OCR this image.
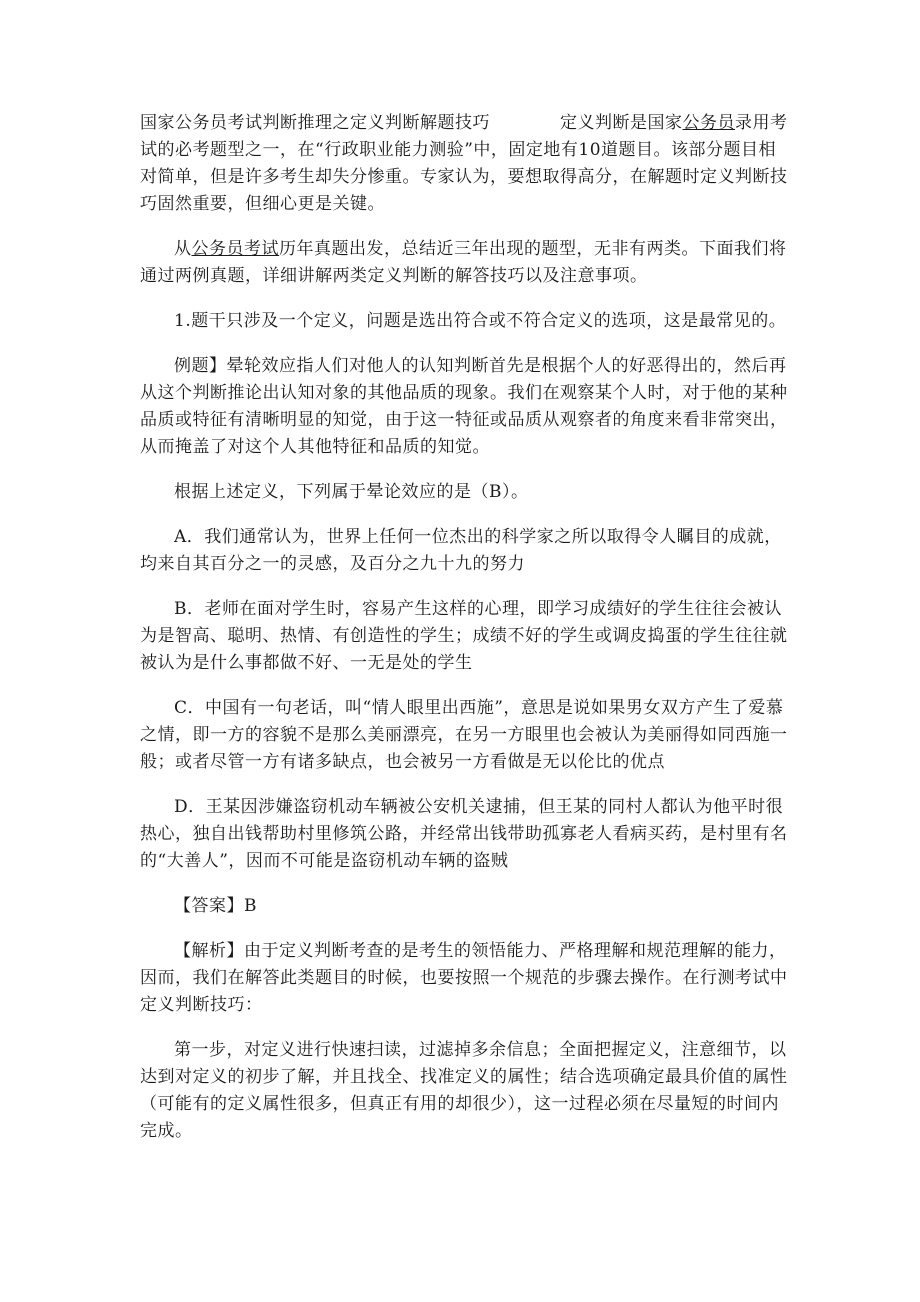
国家公务员考试判断推理之定义判断解题技巧	定义判断是国家公务员录用考试的必考题型之一，在“行政职业能力测验”中，固定地有10道题目。该部分题目相对简单，但是许多考生却失分惨重。专家认为，要想取得高分，在解题时定义判断技巧固然重要，但细心更是关键。

从公务员考试历年真题出发，总结近三年出现的题型，无非有两类。下面我们将通过两例真题，详细讲解两类定义判断的解答技巧以及注意事项。

1.题干只涉及一个定义，问题是选出符合或不符合定义的选项，这是最常见的。

例题】晕轮效应指人们对他人的认知判断首先是根据个人的好恶得出的，然后再从这个判断推论出认知对象的其他品质的现象。我们在观察某个人时，对于他的某种品质或特征有清晰明显的知觉，由于这一特征或品质从观察者的角度来看非常突出，从而掩盖了对这个人其他特征和品质的知觉。

根据上述定义，下列属于晕论效应的是（B）。

A．我们通常认为，世界上任何一位杰出的科学家之所以取得令人瞩目的成就，均来自其百分之一的灵感，及百分之九十九的努力

B．老师在面对学生时，容易产生这样的心理，即学习成绩好的学生往往会被认为是智高、聪明、热情、有创造性的学生；成绩不好的学生或调皮捣蛋的学生往往就被认为是什么事都做不好、一无是处的学生

C．中国有一句老话，叫“情人眼里出西施”，意思是说如果男女双方产生了爱慕之情，即一方的容貌不是那么美丽漂亮，在另一方眼里也会被认为美丽得如同西施一般；或者尽管一方有诸多缺点，也会被另一方看做是无以伦比的优点

D．王某因涉嫌盗窃机动车辆被公安机关逮捕，但王某的同村人都认为他平时很热心，独自出钱帮助村里修筑公路，并经常出钱带助孤寡老人看病买药，是村里有名的“大善人”，因而不可能是盗窃机动车辆的盗贼

【答案】B

【解析】由于定义判断考查的是考生的领悟能力、严格理解和规范理解的能力，因而，我们在解答此类题目的时候，也要按照一个规范的步骤去操作。在行测考试中定义判断技巧：

第一步，对定义进行快速扫读，过滤掉多余信息；全面把握定义，注意细节，以达到对定义的初步了解，并且找全、找准定义的属性；结合选项确定最具价值的属性（可能有的定义属性很多，但真正有用的却很少），这一过程必须在尽量短的时间内完成。
